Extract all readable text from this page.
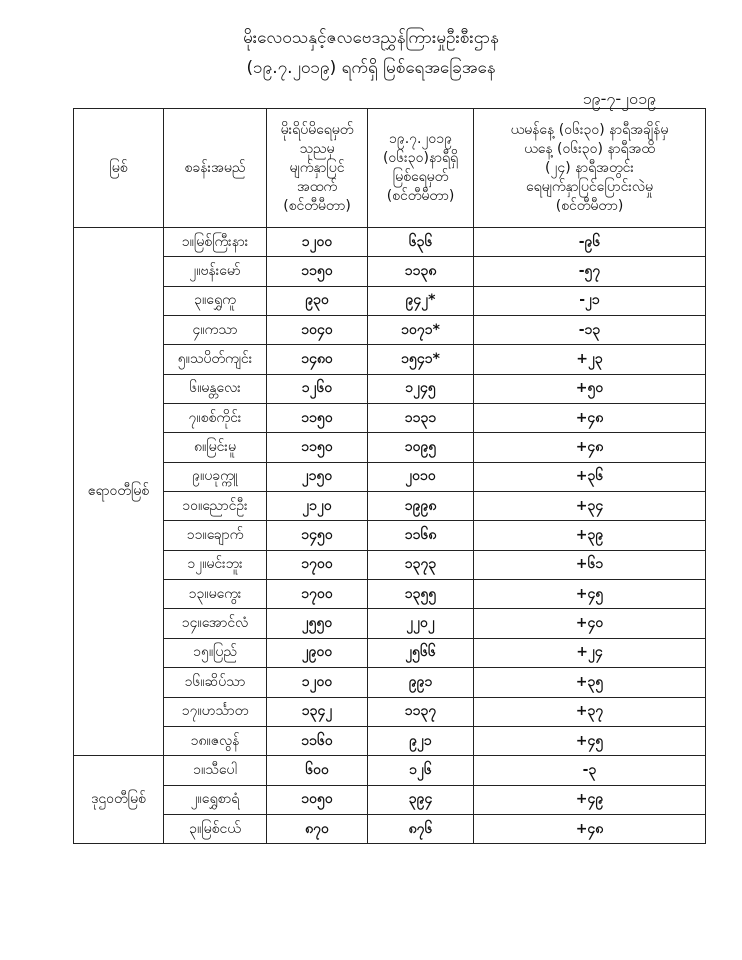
မိုးလေဝသနှင့်ဇလဗေဒညွှန်ကြားမှုဦးစီးဌာန
(၁၉.၇.၂၀၁၉) ရက်ရှိ မြစ်ရေအခြေအနေ
၁၉-၇-၂၀၁၉
မြစ်	စခန်းအမည်	မိုးရိပ်မိရေမှတ်
သုညမှ
မျက်နှာပြင်
အထက်
(စင်တီမီတာ)	၁၉.၇.၂၀၁၉
(၀၆း၃၀)နာရီရှိ
မြစ်ရေမှတ်
(စင်တီမီတာ)	ယမန်နေ့ (၀၆း၃၀) နာရီအချိန်မှ
ယနေ့ (၀၆း၃၀) နာရီအထိ
(၂၄) နာရီအတွင်း
ရေမျက်နှာပြင်ပြောင်းလဲမှု
(စင်တီမီတာ)
ဧရာဝတီမြစ်	၁။မြစ်ကြီးနား	၁၂၀၀	၆၃၆	-၉၆
	၂။ဗန်းမော်	၁၁၅၀	၁၁၃၈	-၅၇
	၃။ရွှေကူ	၉၃၀	၉၄၂*	-၂၁
	၄။ကသာ	၁၀၄၀	၁၀၇၁*	-၁၃
	၅။သပိတ်ကျင်း	၁၄၈၀	၁၅၄၁*	+၂၃
	၆။မန္တလေး	၁၂၆၀	၁၂၄၅	+၅၀
	၇။စစ်ကိုင်း	၁၁၅၀	၁၁၃၁	+၄၈
	၈။မြင်းမူ	၁၁၅၀	၁၀၉၅	+၄၈
	၉။ပခုက္ကူ	၂၁၅၀	၂၀၁၀	+၃၆
	၁၀။ညောင်ဦး	၂၁၂၀	၁၉၉၈	+၃၄
	၁၁။ချောက်	၁၄၅၀	၁၁၆၈	+၃၉
	၁၂။မင်းဘူး	၁၇၀၀	၁၃၇၃	+၆၁
	၁၃။မကွေး	၁၇၀၀	၁၃၅၅	+၄၅
	၁၄။အောင်လံ	၂၅၅၀	၂၂၀၂	+၄၀
	၁၅။ပြည်	၂၉၀၀	၂၅၆၆	+၂၄
	၁၆။ဆိပ်သာ	၁၂၀၀	၉၉၁	+၃၅
	၁၇။ဟင်္သာတ	၁၃၄၂	၁၁၃၇	+၃၇
	၁၈။ဇလွန်	၁၁၆၀	၉၂၁	+၄၅
ဒုဌဝတီမြစ်	၁။သီပေါ	၆၀၀	၁၂၆	-၃
	၂။ရွှေစာရံ	၁၀၅၀	၃၉၄	+၄၉
	၃။မြစ်ငယ်	၈၇၀	၈၇၆	+၄၈
